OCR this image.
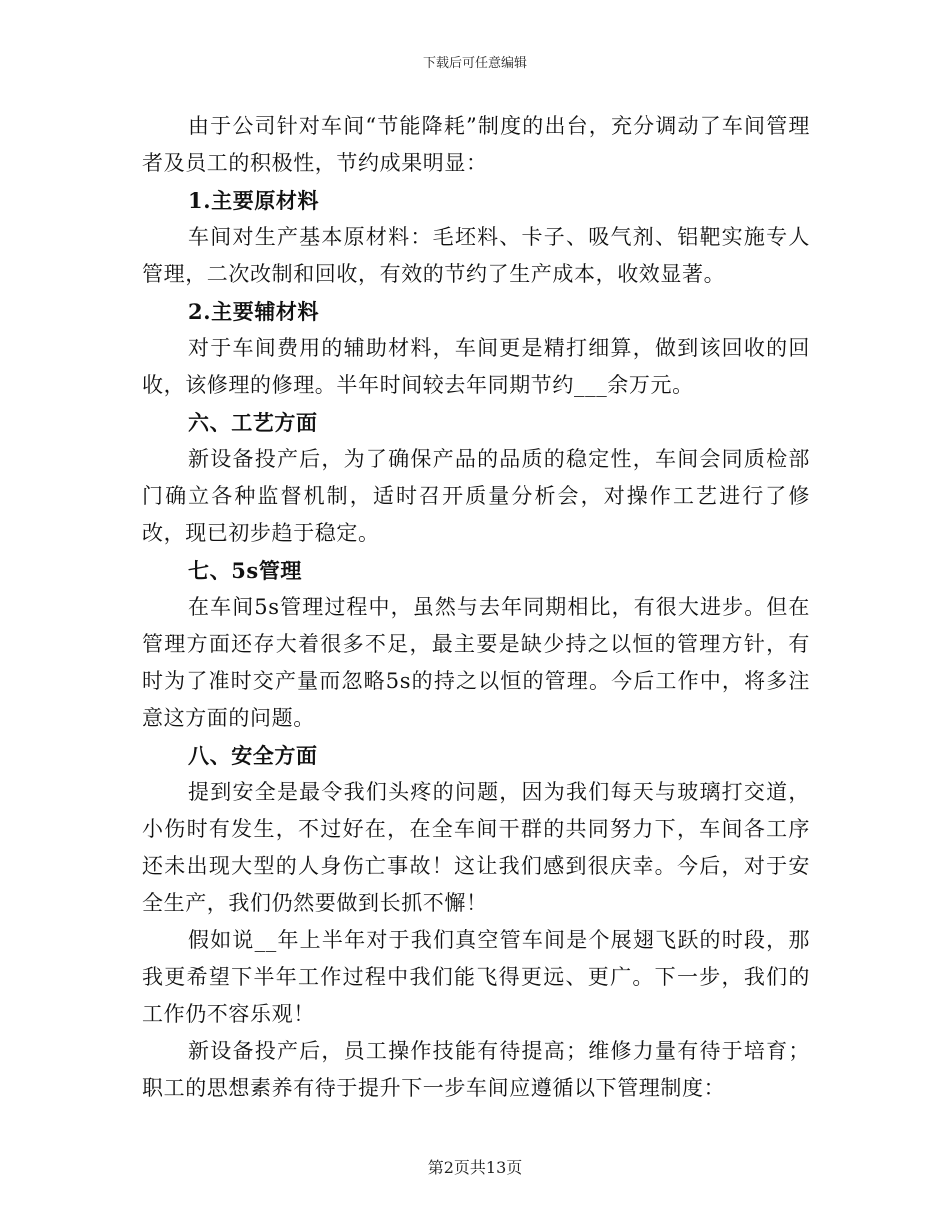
下载后可任意编辑

由于公司针对车间“节能降耗”制度的出台，充分调动了车间管理者及员工的积极性，节约成果明显：

1.主要原材料

车间对生产基本原材料：毛坯料、卡子、吸气剂、铝靶实施专人管理，二次改制和回收，有效的节约了生产成本，收效显著。

2.主要辅材料

对于车间费用的辅助材料，车间更是精打细算，做到该回收的回收，该修理的修理。半年时间较去年同期节约___余万元。

六、工艺方面

新设备投产后，为了确保产品的品质的稳定性，车间会同质检部门确立各种监督机制，适时召开质量分析会，对操作工艺进行了修改，现已初步趋于稳定。

七、5s管理

在车间5s管理过程中，虽然与去年同期相比，有很大进步。但在管理方面还存大着很多不足，最主要是缺少持之以恒的管理方针，有时为了准时交产量而忽略5s的持之以恒的管理。今后工作中，将多注意这方面的问题。

八、安全方面

提到安全是最令我们头疼的问题，因为我们每天与玻璃打交道，小伤时有发生，不过好在，在全车间干群的共同努力下，车间各工序还未出现大型的人身伤亡事故！这让我们感到很庆幸。今后，对于安全生产，我们仍然要做到长抓不懈！

假如说__年上半年对于我们真空管车间是个展翅飞跃的时段，那我更希望下半年工作过程中我们能飞得更远、更广。下一步，我们的工作仍不容乐观！

新设备投产后，员工操作技能有待提高；维修力量有待于培育；职工的思想素养有待于提升下一步车间应遵循以下管理制度：

第2页共13页
